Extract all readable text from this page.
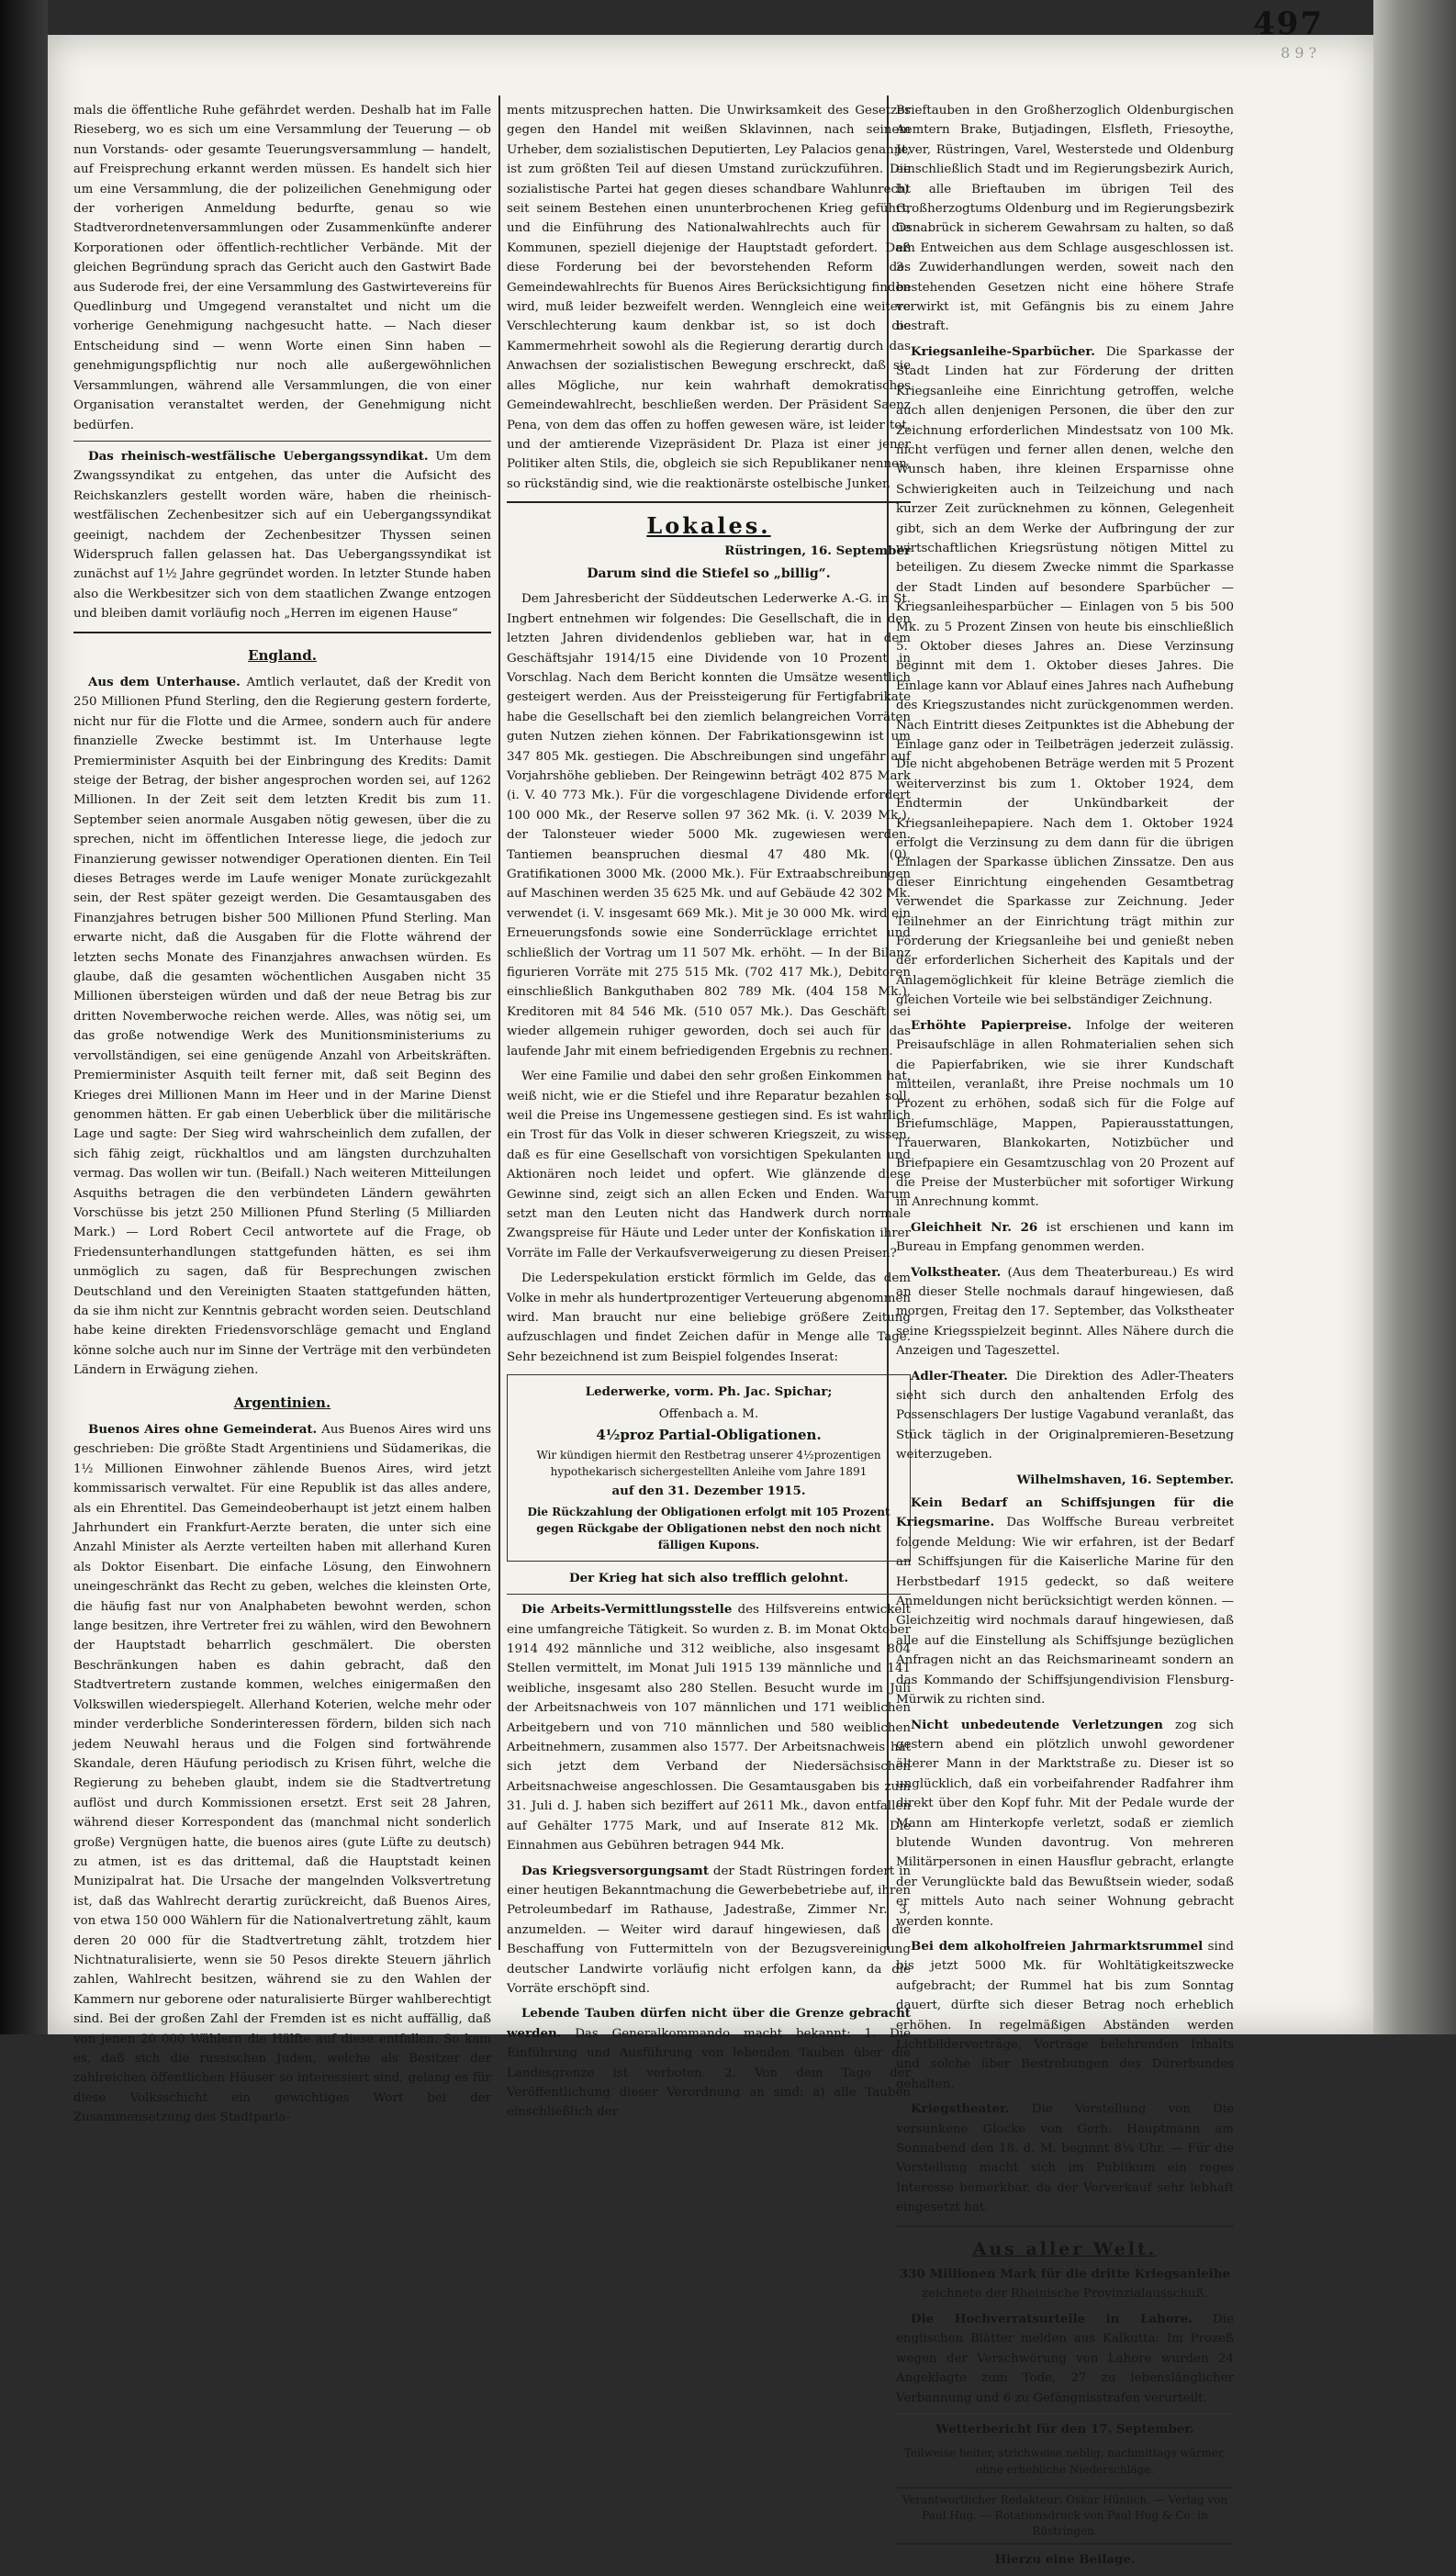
497
8 9 ?

mals die öffentliche Ruhe gefährdet werden. Deshalb hat im Falle Rieseberg, wo es sich um eine Versammlung der Teuerung — ob nun Vorstands- oder gesamte Teuerungsversammlung — handelt, auf Freisprechung erkannt werden müssen. Es handelt sich hier um eine Versammlung, die der polizeilichen Genehmigung oder der vorherigen Anmeldung bedurfte, genau so wie Stadtverordnetenversammlungen oder Zusammenkünfte anderer Korporationen oder öffentlich-rechtlicher Verbände. Mit der gleichen Begründung sprach das Gericht auch den Gastwirt Bade aus Suderode frei, der eine Versammlung des Gastwirtevereins für Quedlinburg und Umgegend veranstaltet und nicht um die vorherige Genehmigung nachgesucht hatte. — Nach dieser Entscheidung sind — wenn Worte einen Sinn haben — genehmigungspflichtig nur noch alle außergewöhnlichen Versammlungen, während alle Versammlungen, die von einer Organisation veranstaltet werden, der Genehmigung nicht bedürfen.

Das rheinisch-westfälische Uebergangssyndikat. Um dem Zwangssyndikat zu entgehen, das unter die Aufsicht des Reichskanzlers gestellt worden wäre, haben die rheinisch-westfälischen Zechenbesitzer sich auf ein Uebergangssyndikat geeinigt, nachdem der Zechenbesitzer Thyssen seinen Widerspruch fallen gelassen hat. Das Uebergangssyndikat ist zunächst auf 1½ Jahre gegründet worden. In letzter Stunde haben also die Werkbesitzer sich von dem staatlichen Zwange entzogen und bleiben damit vorläufig noch „Herren im eigenen Hause“

England.

Aus dem Unterhause. Amtlich verlautet, daß der Kredit von 250 Millionen Pfund Sterling, den die Regierung gestern forderte, nicht nur für die Flotte und die Armee, sondern auch für andere finanzielle Zwecke bestimmt ist. Im Unterhause legte Premierminister Asquith bei der Einbringung des Kredits: Damit steige der Betrag, der bisher angesprochen worden sei, auf 1262 Millionen. In der Zeit seit dem letzten Kredit bis zum 11. September seien anormale Ausgaben nötig gewesen, über die zu sprechen, nicht im öffentlichen Interesse liege, die jedoch zur Finanzierung gewisser notwendiger Operationen dienten. Ein Teil dieses Betrages werde im Laufe weniger Monate zurückgezahlt sein, der Rest später gezeigt werden. Die Gesamtausgaben des Finanzjahres betrugen bisher 500 Millionen Pfund Sterling. Man erwarte nicht, daß die Ausgaben für die Flotte während der letzten sechs Monate des Finanzjahres anwachsen würden. Es glaube, daß die gesamten wöchentlichen Ausgaben nicht 35 Millionen übersteigen würden und daß der neue Betrag bis zur dritten Novemberwoche reichen werde. Alles, was nötig sei, um das große notwendige Werk des Munitionsministeriums zu vervollständigen, sei eine genügende Anzahl von Arbeitskräften. Premierminister Asquith teilt ferner mit, daß seit Beginn des Krieges drei Millionen Mann im Heer und in der Marine Dienst genommen hätten. Er gab einen Ueberblick über die militärische Lage und sagte: Der Sieg wird wahrscheinlich dem zufallen, der sich fähig zeigt, rückhaltlos und am längsten durchzuhalten vermag. Das wollen wir tun. (Beifall.) Nach weiteren Mitteilungen Asquiths betragen die den verbündeten Ländern gewährten Vorschüsse bis jetzt 250 Millionen Pfund Sterling (5 Milliarden Mark.) — Lord Robert Cecil antwortete auf die Frage, ob Friedensunterhandlungen stattgefunden hätten, es sei ihm unmöglich zu sagen, daß für Besprechungen zwischen Deutschland und den Vereinigten Staaten stattgefunden hätten, da sie ihm nicht zur Kenntnis gebracht worden seien. Deutschland habe keine direkten Friedensvorschläge gemacht und England könne solche auch nur im Sinne der Verträge mit den verbündeten Ländern in Erwägung ziehen.

Argentinien.

Buenos Aires ohne Gemeinderat. Aus Buenos Aires wird uns geschrieben: Die größte Stadt Argentiniens und Südamerikas, die 1½ Millionen Einwohner zählende Buenos Aires, wird jetzt kommissarisch verwaltet. Für eine Republik ist das alles andere, als ein Ehrentitel. Das Gemeindeoberhaupt ist jetzt einem halben Jahrhundert ein Frankfurt-Aerzte beraten, die unter sich eine Anzahl Minister als Aerzte verteilten haben mit allerhand Kuren als Doktor Eisenbart. Die einfache Lösung, den Einwohnern uneingeschränkt das Recht zu geben, welches die kleinsten Orte, die häufig fast nur von Analphabeten bewohnt werden, schon lange besitzen, ihre Vertreter frei zu wählen, wird den Bewohnern der Hauptstadt beharrlich geschmälert. Die obersten Beschränkungen haben es dahin gebracht, daß den Stadtvertretern zustande kommen, welches einigermaßen den Volkswillen wiederspiegelt. Allerhand Koterien, welche mehr oder minder verderbliche Sonderinteressen fördern, bilden sich nach jedem Neuwahl heraus und die Folgen sind fortwährende Skandale, deren Häufung periodisch zu Krisen führt, welche die Regierung zu beheben glaubt, indem sie die Stadtvertretung auflöst und durch Kommissionen ersetzt. Erst seit 28 Jahren, während dieser Korrespondent das (manchmal nicht sonderlich große) Vergnügen hatte, die buenos aires (gute Lüfte zu deutsch) zu atmen, ist es das drittemal, daß die Hauptstadt keinen Munizipalrat hat. Die Ursache der mangelnden Volksvertretung ist, daß das Wahlrecht derartig zurückreicht, daß Buenos Aires, von etwa 150 000 Wählern für die Nationalvertretung zählt, kaum deren 20 000 für die Stadtvertretung zählt, trotzdem hier Nichtnaturalisierte, wenn sie 50 Pesos direkte Steuern jährlich zahlen, Wahlrecht besitzen, während sie zu den Wahlen der Kammern nur geborene oder naturalisierte Bürger wahlberechtigt sind. Bei der großen Zahl der Fremden ist es nicht auffällig, daß von jenen 20 000 Wählern die Hälfte auf diese entfallen. So kam es, daß sich die russischen Juden, welche als Besitzer der zahlreichen öffentlichen Häuser so interessiert sind, gelang es für diese Volksschicht ein gewichtiges Wort bei der Zusammensetzung des Stadtparla-

ments mitzusprechen hatten. Die Unwirksamkeit des Gesetzes gegen den Handel mit weißen Sklavinnen, nach seinem Urheber, dem sozialistischen Deputierten, Ley Palacios genannt, ist zum größten Teil auf diesen Umstand zurückzuführen. Die sozialistische Partei hat gegen dieses schandbare Wahlunrecht seit seinem Bestehen einen ununterbrochenen Krieg geführt, und die Einführung des Nationalwahlrechts auch für die Kommunen, speziell diejenige der Hauptstadt gefordert. Daß diese Forderung bei der bevorstehenden Reform des Gemeindewahlrechts für Buenos Aires Berücksichtigung finden wird, muß leider bezweifelt werden. Wenngleich eine weitere Verschlechterung kaum denkbar ist, so ist doch die Kammermehrheit sowohl als die Regierung derartig durch das Anwachsen der sozialistischen Bewegung erschreckt, daß sie alles Mögliche, nur kein wahrhaft demokratisches Gemeindewahlrecht, beschließen werden. Der Präsident Saenz Pena, von dem das offen zu hoffen gewesen wäre, ist leider tot, und der amtierende Vizepräsident Dr. Plaza ist einer jener Politiker alten Stils, die, obgleich sie sich Republikaner nennen, so rückständig sind, wie die reaktionärste ostelbische Junker.

Lokales.

Rüstringen, 16. September

Darum sind die Stiefel so „billig“.

Dem Jahresbericht der Süddeutschen Lederwerke A.-G. in St. Ingbert entnehmen wir folgendes: Die Gesellschaft, die in den letzten Jahren dividendenlos geblieben war, hat in dem Geschäftsjahr 1914/15 eine Dividende von 10 Prozent in Vorschlag. Nach dem Bericht konnten die Umsätze wesentlich gesteigert werden. Aus der Preissteigerung für Fertigfabrikate habe die Gesellschaft bei den ziemlich belangreichen Vorräten guten Nutzen ziehen können. Der Fabrikationsgewinn ist um 347 805 Mk. gestiegen. Die Abschreibungen sind ungefähr auf Vorjahrshöhe geblieben. Der Reingewinn beträgt 402 875 Mark (i. V. 40 773 Mk.). Für die vorgeschlagene Dividende erfordert 100 000 Mk., der Reserve sollen 97 362 Mk. (i. V. 2039 Mk.), der Talonsteuer wieder 5000 Mk. zugewiesen werden. Tantiemen beanspruchen diesmal 47 480 Mk. (0), Gratifikationen 3000 Mk. (2000 Mk.). Für Extraabschreibungen auf Maschinen werden 35 625 Mk. und auf Gebäude 42 302 Mk. verwendet (i. V. insgesamt 669 Mk.). Mit je 30 000 Mk. wird ein Erneuerungsfonds sowie eine Sonderrücklage errichtet und schließlich der Vortrag um 11 507 Mk. erhöht. — In der Bilanz figurieren Vorräte mit 275 515 Mk. (702 417 Mk.), Debitoren einschließlich Bankguthaben 802 789 Mk. (404 158 Mk.), Kreditoren mit 84 546 Mk. (510 057 Mk.). Das Geschäft sei wieder allgemein ruhiger geworden, doch sei auch für das laufende Jahr mit einem befriedigenden Ergebnis zu rechnen.

Wer eine Familie und dabei den sehr großen Einkommen hat, weiß nicht, wie er die Stiefel und ihre Reparatur bezahlen soll, weil die Preise ins Ungemessene gestiegen sind. Es ist wahrlich ein Trost für das Volk in dieser schweren Kriegszeit, zu wissen, daß es für eine Gesellschaft von vorsichtigen Spekulanten und Aktionären noch leidet und opfert. Wie glänzende diese Gewinne sind, zeigt sich an allen Ecken und Enden. Warum setzt man den Leuten nicht das Handwerk durch normale Zwangspreise für Häute und Leder unter der Konfiskation ihrer Vorräte im Falle der Verkaufsverweigerung zu diesen Preisen?

Die Lederspekulation erstickt förmlich im Gelde, das dem Volke in mehr als hundertprozentiger Verteuerung abgenommen wird. Man braucht nur eine beliebige größere Zeitung aufzuschlagen und findet Zeichen dafür in Menge alle Tage. Sehr bezeichnend ist zum Beispiel folgendes Inserat:

Lederwerke, vorm. Ph. Jac. Spichar;

Offenbach a. M.

4½proz Partial-Obligationen.

Wir kündigen hiermit den Restbetrag unserer 4½prozentigen hypothekarisch sichergestellten Anleihe vom Jahre 1891

auf den 31. Dezember 1915.

Die Rückzahlung der Obligationen erfolgt mit 105 Prozent gegen Rückgabe der Obligationen nebst den noch nicht fälligen Kupons.

Der Krieg hat sich also trefflich gelohnt.

Die Arbeits-Vermittlungsstelle des Hilfsvereins entwickelt eine umfangreiche Tätigkeit. So wurden z. B. im Monat Oktober 1914 492 männliche und 312 weibliche, also insgesamt 804 Stellen vermittelt, im Monat Juli 1915 139 männliche und 141 weibliche, insgesamt also 280 Stellen. Besucht wurde im Juli der Arbeitsnachweis von 107 männlichen und 171 weiblichen Arbeitgebern und von 710 männlichen und 580 weiblichen Arbeitnehmern, zusammen also 1577. Der Arbeitsnachweis hat sich jetzt dem Verband der Niedersächsischen Arbeitsnachweise angeschlossen. Die Gesamtausgaben bis zum 31. Juli d. J. haben sich beziffert auf 2611 Mk., davon entfallen auf Gehälter 1775 Mark, und auf Inserate 812 Mk. Die Einnahmen aus Gebühren betragen 944 Mk.

Das Kriegsversorgungsamt der Stadt Rüstringen fordert in einer heutigen Bekanntmachung die Gewerbebetriebe auf, ihren Petroleumbedarf im Rathause, Jadestraße, Zimmer Nr. 3, anzumelden. — Weiter wird darauf hingewiesen, daß die Beschaffung von Futtermitteln von der Bezugsvereinigung deutscher Landwirte vorläufig nicht erfolgen kann, da die Vorräte erschöpft sind.

Lebende Tauben dürfen nicht über die Grenze gebracht werden. Das Generalkommando macht bekannt: 1. Die Einführung und Ausführung von lebenden Tauben über die Landesgrenze ist verboten. 2. Von dem Tage der Veröffentlichung dieser Verordnung an sind: a) alle Tauben einschließlich der

Brieftauben in den Großherzoglich Oldenburgischen Aemtern Brake, Butjadingen, Elsfleth, Friesoythe, Jever, Rüstringen, Varel, Westerstede und Oldenburg einschließlich Stadt und im Regierungsbezirk Aurich, b) alle Brieftauben im übrigen Teil des Großherzogtums Oldenburg und im Regierungsbezirk Osnabrück in sicherem Gewahrsam zu halten, so daß ein Entweichen aus dem Schlage ausgeschlossen ist. 3. Zuwiderhandlungen werden, soweit nach den bestehenden Gesetzen nicht eine höhere Strafe verwirkt ist, mit Gefängnis bis zu einem Jahre bestraft.

Kriegsanleihe-Sparbücher. Die Sparkasse der Stadt Linden hat zur Förderung der dritten Kriegsanleihe eine Einrichtung getroffen, welche auch allen denjenigen Personen, die über den zur Zeichnung erforderlichen Mindestsatz von 100 Mk. nicht verfügen und ferner allen denen, welche den Wunsch haben, ihre kleinen Ersparnisse ohne Schwierigkeiten auch in Teilzeichung und nach kurzer Zeit zurücknehmen zu können, Gelegenheit gibt, sich an dem Werke der Aufbringung der zur wirtschaftlichen Kriegsrüstung nötigen Mittel zu beteiligen. Zu diesem Zwecke nimmt die Sparkasse der Stadt Linden auf besondere Sparbücher — Kriegsanleihesparbücher — Einlagen von 5 bis 500 Mk. zu 5 Prozent Zinsen von heute bis einschließlich 5. Oktober dieses Jahres an. Diese Verzinsung beginnt mit dem 1. Oktober dieses Jahres. Die Einlage kann vor Ablauf eines Jahres nach Aufhebung des Kriegszustandes nicht zurückgenommen werden. Nach Eintritt dieses Zeitpunktes ist die Abhebung der Einlage ganz oder in Teilbeträgen jederzeit zulässig. Die nicht abgehobenen Beträge werden mit 5 Prozent weiterverzinst bis zum 1. Oktober 1924, dem Endtermin der Unkündbarkeit der Kriegsanleihepapiere. Nach dem 1. Oktober 1924 erfolgt die Verzinsung zu dem dann für die übrigen Einlagen der Sparkasse üblichen Zinssatze. Den aus dieser Einrichtung eingehenden Gesamtbetrag verwendet die Sparkasse zur Zeichnung. Jeder Teilnehmer an der Einrichtung trägt mithin zur Förderung der Kriegsanleihe bei und genießt neben der erforderlichen Sicherheit des Kapitals und der Anlagemöglichkeit für kleine Beträge ziemlich die gleichen Vorteile wie bei selbständiger Zeichnung.

Erhöhte Papierpreise. Infolge der weiteren Preisaufschläge in allen Rohmaterialien sehen sich die Papierfabriken, wie sie ihrer Kundschaft mitteilen, veranlaßt, ihre Preise nochmals um 10 Prozent zu erhöhen, sodaß sich für die Folge auf Briefumschläge, Mappen, Papierausstattungen, Trauerwaren, Blankokarten, Notizbücher und Briefpapiere ein Gesamtzuschlag von 20 Prozent auf die Preise der Musterbücher mit sofortiger Wirkung in Anrechnung kommt.

Gleichheit Nr. 26 ist erschienen und kann im Bureau in Empfang genommen werden.

Volkstheater. (Aus dem Theaterbureau.) Es wird an dieser Stelle nochmals darauf hingewiesen, daß morgen, Freitag den 17. September, das Volkstheater seine Kriegsspielzeit beginnt. Alles Nähere durch die Anzeigen und Tageszettel.

Adler-Theater. Die Direktion des Adler-Theaters sieht sich durch den anhaltenden Erfolg des Possenschlagers Der lustige Vagabund veranlaßt, das Stück täglich in der Originalpremieren-Besetzung weiterzugeben.

Wilhelmshaven, 16. September.

Kein Bedarf an Schiffsjungen für die Kriegsmarine. Das Wolffsche Bureau verbreitet folgende Meldung: Wie wir erfahren, ist der Bedarf an Schiffsjungen für die Kaiserliche Marine für den Herbstbedarf 1915 gedeckt, so daß weitere Anmeldungen nicht berücksichtigt werden können. — Gleichzeitig wird nochmals darauf hingewiesen, daß alle auf die Einstellung als Schiffsjunge bezüglichen Anfragen nicht an das Reichsmarineamt sondern an das Kommando der Schiffsjungendivision Flensburg-Mürwik zu richten sind.

Nicht unbedeutende Verletzungen zog sich gestern abend ein plötzlich unwohl gewordener älterer Mann in der Marktstraße zu. Dieser ist so unglücklich, daß ein vorbeifahrender Radfahrer ihm direkt über den Kopf fuhr. Mit der Pedale wurde der Mann am Hinterkopfe verletzt, sodaß er ziemlich blutende Wunden davontrug. Von mehreren Militärpersonen in einen Hausflur gebracht, erlangte der Verunglückte bald das Bewußtsein wieder, sodaß er mittels Auto nach seiner Wohnung gebracht werden konnte.

Bei dem alkoholfreien Jahrmarktsrummel sind bis jetzt 5000 Mk. für Wohltätigkeitszwecke aufgebracht; der Rummel hat bis zum Sonntag dauert, dürfte sich dieser Betrag noch erheblich erhöhen. In regelmäßigen Abständen werden Lichtbildervorträge, Vorträge belehrenden Inhalts und solche über Bestrebungen des Dürerbundes gehalten.

Kriegstheater. Die Vorstellung von Die versunkene Glocke von Gerh. Hauptmann am Sonnabend den 18. d. M. beginnt 8¼ Uhr. — Für die Vorstellung macht sich im Publikum ein reges Interesse bemerkbar, da der Vorverkauf sehr lebhaft eingesetzt hat.

Aus aller Welt.

330 Millionen Mark für die dritte Kriegsanleihe zeichnete der Rheinische Provinzialausschuß.

Die Hochverratsurteile in Lahore. Die englischen Blätter melden aus Kalkutta: Im Prozeß wegen der Verschwörung von Lahore wurden 24 Angeklagte zum Tode, 27 zu lebenslänglicher Verbannung und 6 zu Gefängnisstrafen verurteilt.

Wetterbericht für den 17. September.

Teilweise heiter, strichweise neblig, nachmittags wärmer, ohne erhebliche Niederschläge.

Verantwortlicher Redakteur: Oskar Hünlich. — Verlag von Paul Hug. — Rotationsdruck von Paul Hug & Co. in Rüstringen.

Hierzu eine Beilage.
